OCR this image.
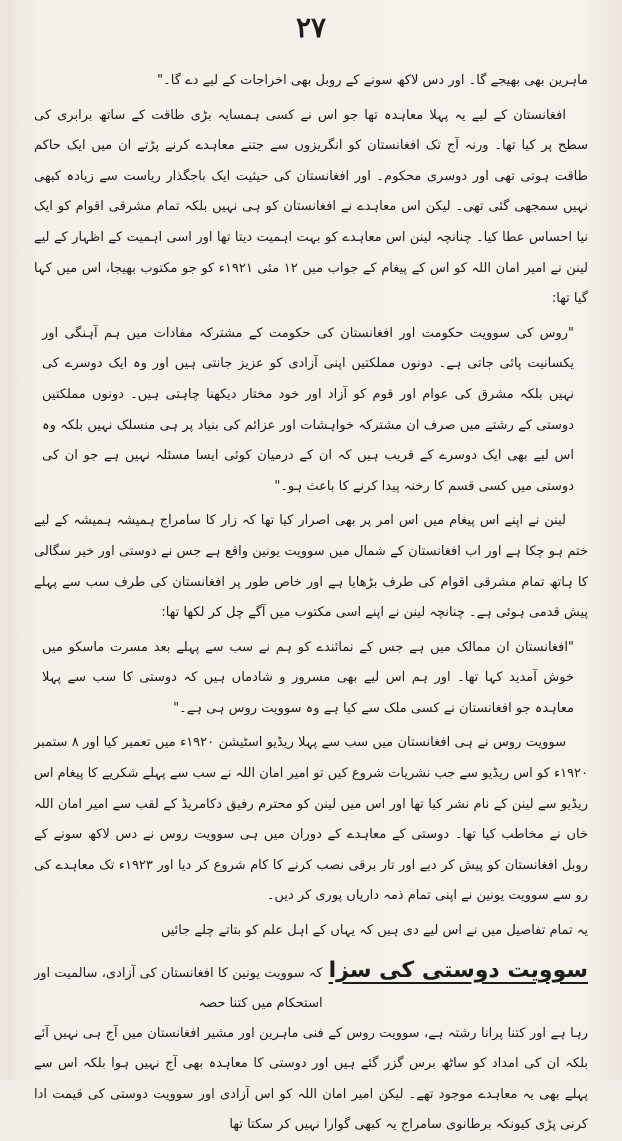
۲۷

ماہرین بھی بھیجے گا۔ اور دس لاکھ سونے کے روبل بھی اخراجات کے لیے دے گا۔"

افغانستان کے لیے یہ پہلا معاہدہ تھا جو اس نے کسی ہمسایہ بڑی طاقت کے ساتھ برابری کی سطح پر کیا تھا۔ ورنہ آج تک افغانستان کو انگریزوں سے جتنے معاہدے کرنے پڑتے ان میں ایک حاکم طاقت ہوتی تھی اور دوسری محکوم۔ اور افغانستان کی حیثیت ایک باجگذار ریاست سے زیادہ کبھی نہیں سمجھی گئی تھی۔ لیکن اس معاہدے نے افغانستان کو ہی نہیں بلکہ تمام مشرقی اقوام کو ایک نیا احساس عطا کیا۔ چنانچہ لینن اس معاہدے کو بہت اہمیت دیتا تھا اور اسی اہمیت کے اظہار کے لیے لینن نے امیر امان اللہ کو اس کے پیغام کے جواب میں ۱۲ مئی ۱۹۲۱ء کو جو مکتوب بھیجا، اس میں کہا گیا تھا:

"روس کی سوویت حکومت اور افغانستان کی حکومت کے مشترکہ مفادات میں ہم آہنگی اور یکسانیت پائی جاتی ہے۔ دونوں مملکتیں اپنی آزادی کو عزیز جانتی ہیں اور وہ ایک دوسرے کی نہیں بلکہ مشرق کی عوام اور قوم کو آزاد اور خود مختار دیکھنا چاہتی ہیں۔ دونوں مملکتیں دوستی کے رشتے میں صرف ان مشترکہ خواہشات اور عزائم کی بنیاد پر ہی منسلک نہیں بلکہ وہ اس لیے بھی ایک دوسرے کے قریب ہیں کہ ان کے درمیان کوئی ایسا مسئلہ نہیں ہے جو ان کی دوستی میں کسی قسم کا رخنہ پیدا کرنے کا باعث ہو۔"

لینن نے اپنے اس پیغام میں اس امر پر بھی اصرار کیا تھا کہ زار کا سامراج ہمیشہ ہمیشہ کے لیے ختم ہو چکا ہے اور اب افغانستان کے شمال میں سوویت یونین واقع ہے جس نے دوستی اور خیر سگالی کا ہاتھ تمام مشرقی اقوام کی طرف بڑھایا ہے اور خاص طور پر افغانستان کی طرف سب سے پہلے پیش قدمی ہوئی ہے۔ چنانچہ لینن نے اپنے اسی مکتوب میں آگے چل کر لکھا تھا:

"افغانستان ان ممالک میں ہے جس کے نمائندے کو ہم نے سب سے پہلے بعد مسرت ماسکو میں خوش آمدید کہا تھا۔ اور ہم اس لیے بھی مسرور و شادماں ہیں کہ دوستی کا سب سے پہلا معاہدہ جو افغانستان نے کسی ملک سے کیا ہے وہ سوویت روس ہی ہے۔"

سوویت روس نے ہی افغانستان میں سب سے پہلا ریڈیو اسٹیشن ۱۹۲۰ء میں تعمیر کیا اور ۸ ستمبر ۱۹۲۰ء کو اس ریڈیو سے جب نشریات شروع کیں تو امیر امان اللہ نے سب سے پہلے شکریے کا پیغام اس ریڈیو سے لینن کے نام نشر کیا تھا اور اس میں لینن کو محترم رفیق دکامریڈ کے لقب سے امیر امان اللہ خاں نے مخاطب کیا تھا۔ دوستی کے معاہدے کے دوران میں ہی سوویت روس نے دس لاکھ سونے کے روبل افغانستان کو پیش کر دیے اور تار برقی نصب کرنے کا کام شروع کر دیا اور ۱۹۲۳ء تک معاہدے کی رو سے سوویت یونین نے اپنی تمام ذمہ داریاں پوری کر دیں۔

یہ تمام تفاصیل میں نے اس لیے دی ہیں کہ یہاں کے اہل علم کو بتاتے چلے جائیں

سوویت دوستی کی سزا
کہ سوویت یونین کا افغانستان کی آزادی، سالمیت اور استحکام میں کتنا حصہ

رہا ہے اور کتنا پرانا رشتہ ہے، سوویت روس کے فنی ماہرین اور مشیر افغانستان میں آج ہی نہیں آئے بلکہ ان کی امداد کو ساٹھ برس گزر گئے ہیں اور دوستی کا معاہدہ بھی آج نہیں ہوا بلکہ اس سے پہلے بھی یہ معاہدے موجود تھے۔ لیکن امیر امان اللہ کو اس آزادی اور سوویت دوستی کی قیمت ادا کرنی پڑی کیونکہ برطانوی سامراج یہ کبھی گوارا نہیں کر سکتا تھا
